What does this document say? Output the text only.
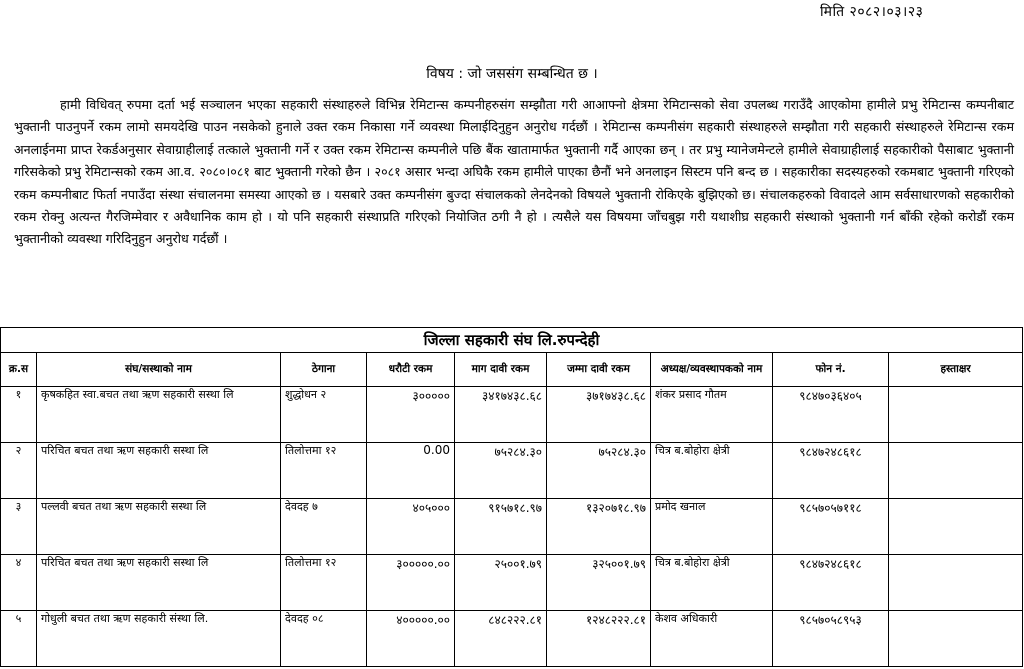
मिति २०८२।०३।२३
विषय : जो जससंग सम्बन्धित छ ।

हामी विधिवत् रुपमा दर्ता भई सञ्चालन भएका सहकारी संस्थाहरुले विभिन्न रेमिटान्स कम्पनीहरुसंग सम्झौता गरी आआफ्नो क्षेत्रमा रेमिटान्सको सेवा उपलब्ध गराउँदै आएकोमा हामीले प्रभु रेमिटान्स कम्पनीबाट भुक्तानी पाउनुपर्ने रकम लामो समयदेखि पाउन नसकेको हुनाले उक्त रकम निकासा गर्ने व्यवस्था मिलाईदिनुहुन अनुरोध गर्दछौं । रेमिटान्स कम्पनीसंग सहकारी संस्थाहरुले सम्झौता गरी सहकारी संस्थाहरुले रेमिटान्स रकम अनलाईनमा प्राप्त रेकर्डअनुसार सेवाग्राहीलाई तत्काले भुक्तानी गर्ने र उक्त रकम रेमिटान्स कम्पनीले पछि बैंक खातामार्फत भुक्तानी गर्दै आएका छन् । तर प्रभु म्यानेजमेन्टले हामीले सेवाग्राहीलाई सहकारीको पैसाबाट भुक्तानी गरिसकेको प्रभु रेमिटान्सको रकम आ.व. २०८०।०८१ बाट भुक्तानी गरेको छैन । २०८१ असार भन्दा अघिकै रकम हामीले पाएका छैनौं भने अनलाइन सिस्टम पनि बन्द छ । सहकारीका सदस्यहरुको रकमबाट भुक्तानी गरिएको रकम कम्पनीबाट फिर्ता नपाउँदा संस्था संचालनमा समस्या आएको छ । यसबारे उक्त कम्पनीसंग बुज्दा संचालकको लेनदेनको विषयले भुक्तानी रोकिएके बुझिएको छ। संचालकहरुको विवादले आम सर्वसाधारणको सहकारीको रकम रोक्नु अत्यन्त गैरजिम्मेवार र अवैधानिक काम हो । यो पनि सहकारी संस्थाप्रति गरिएको नियोजित ठगी नै हो । त्यसैले यस विषयमा जाँचबुझ गरी यथाशीघ्र सहकारी संस्थाको भुक्तानी गर्न बाँकी रहेको करोडौं रकम भुक्तानीको व्यवस्था गरिदिनुहुन अनुरोध गर्दछौं ।

जिल्ला सहकारी संघ लि.रुपन्देही								
क्र.स	संघ/सस्थाको नाम	ठेगाना	धरौटी रकम	माग दावी रकम	जम्मा दावी रकम	अध्यक्ष/व्यवस्थापकको नाम	फोन नं.	हस्ताक्षर
१	कृषकहित स्वा.बचत तथा ऋण सहकारी सस्था लि	शुद्धोधन २	३०००००	३४१७४३८.६८	३७१७४३८.६८	शंकर प्रसाद गौतम	९८४७०३६४०५	
२	परिचित बचत तथा ऋण सहकारी सस्था लि	तिलोत्तमा १२	0.00	७५२८४.३०	७५२८४.३०	चित्र ब.बोहोरा क्षेत्री	९८४७२४८६१८	
३	पल्लवी बचत तथा ऋण सहकारी सस्था लि	देवदह ७	४०५०००	९१५७१८.९७	१३२०७१८.९७	प्रमोद खनाल	९८५७०५७११८	
४	परिचित बचत तथा ऋण सहकारी सस्था लि	तिलोत्तमा १२	३०००००.००	२५००१.७९	३२५००१.७९	चित्र ब.बोहोरा क्षेत्री	९८४७२४८६१८	
५	गोधुली बचत तथा ऋण सहकारी संस्था लि.	देवदह ०८	४०००००.००	८४८२२२.८१	१२४८२२२.८१	केशव अधिकारी	९८५७०५८९५३	
